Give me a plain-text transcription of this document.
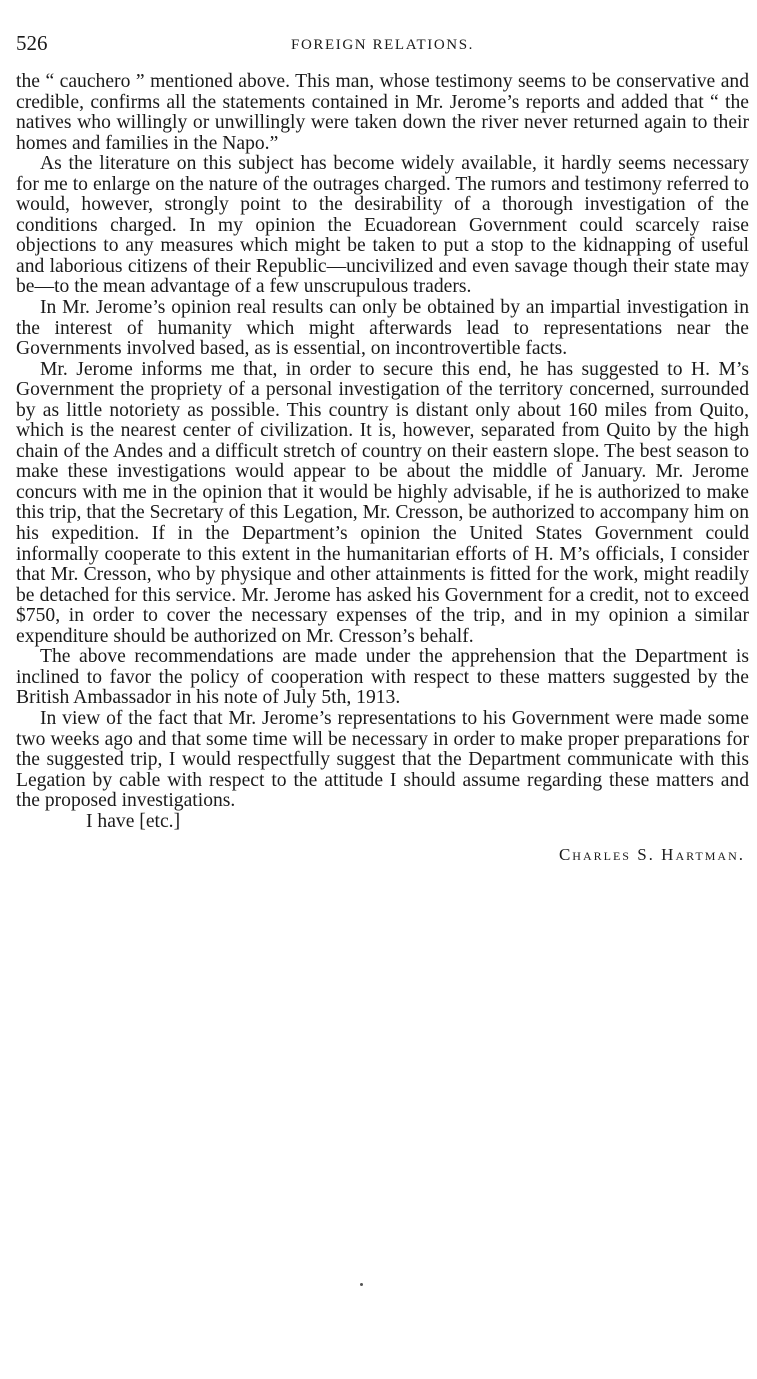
526	FOREIGN RELATIONS.

the “ cauchero ” mentioned above. This man, whose testimony seems to be conservative and credible, confirms all the statements contained in Mr. Jerome’s reports and added that “ the natives who willingly or unwillingly were taken down the river never returned again to their homes and families in the Napo.”

As the literature on this subject has become widely available, it hardly seems necessary for me to enlarge on the nature of the outrages charged. The rumors and testimony referred to would, however, strongly point to the desirability of a thorough investigation of the conditions charged. In my opinion the Ecuadorean Government could scarcely raise objections to any measures which might be taken to put a stop to the kidnapping of useful and laborious citizens of their Republic—uncivilized and even savage though their state may be—to the mean advantage of a few unscrupulous traders.

In Mr. Jerome’s opinion real results can only be obtained by an impartial investigation in the interest of humanity which might afterwards lead to representations near the Governments involved based, as is essential, on incontrovertible facts.

Mr. Jerome informs me that, in order to secure this end, he has suggested to H. M’s Government the propriety of a personal investigation of the territory concerned, surrounded by as little notoriety as possible. This country is distant only about 160 miles from Quito, which is the nearest center of civilization. It is, however, separated from Quito by the high chain of the Andes and a difficult stretch of country on their eastern slope. The best season to make these investigations would appear to be about the middle of January. Mr. Jerome concurs with me in the opinion that it would be highly advisable, if he is authorized to make this trip, that the Secretary of this Legation, Mr. Cresson, be authorized to accompany him on his expedition. If in the Department’s opinion the United States Government could informally cooperate to this extent in the humanitarian efforts of H. M’s officials, I consider that Mr. Cresson, who by physique and other attainments is fitted for the work, might readily be detached for this service. Mr. Jerome has asked his Government for a credit, not to exceed $750, in order to cover the necessary expenses of the trip, and in my opinion a similar expenditure should be authorized on Mr. Cresson’s behalf.

The above recommendations are made under the apprehension that the Department is inclined to favor the policy of cooperation with respect to these matters suggested by the British Ambassador in his note of July 5th, 1913.

In view of the fact that Mr. Jerome’s representations to his Government were made some two weeks ago and that some time will be necessary in order to make proper preparations for the suggested trip, I would respectfully suggest that the Department communicate with this Legation by cable with respect to the attitude I should assume regarding these matters and the proposed investigations.

I have [etc.]

Charles S. Hartman.
